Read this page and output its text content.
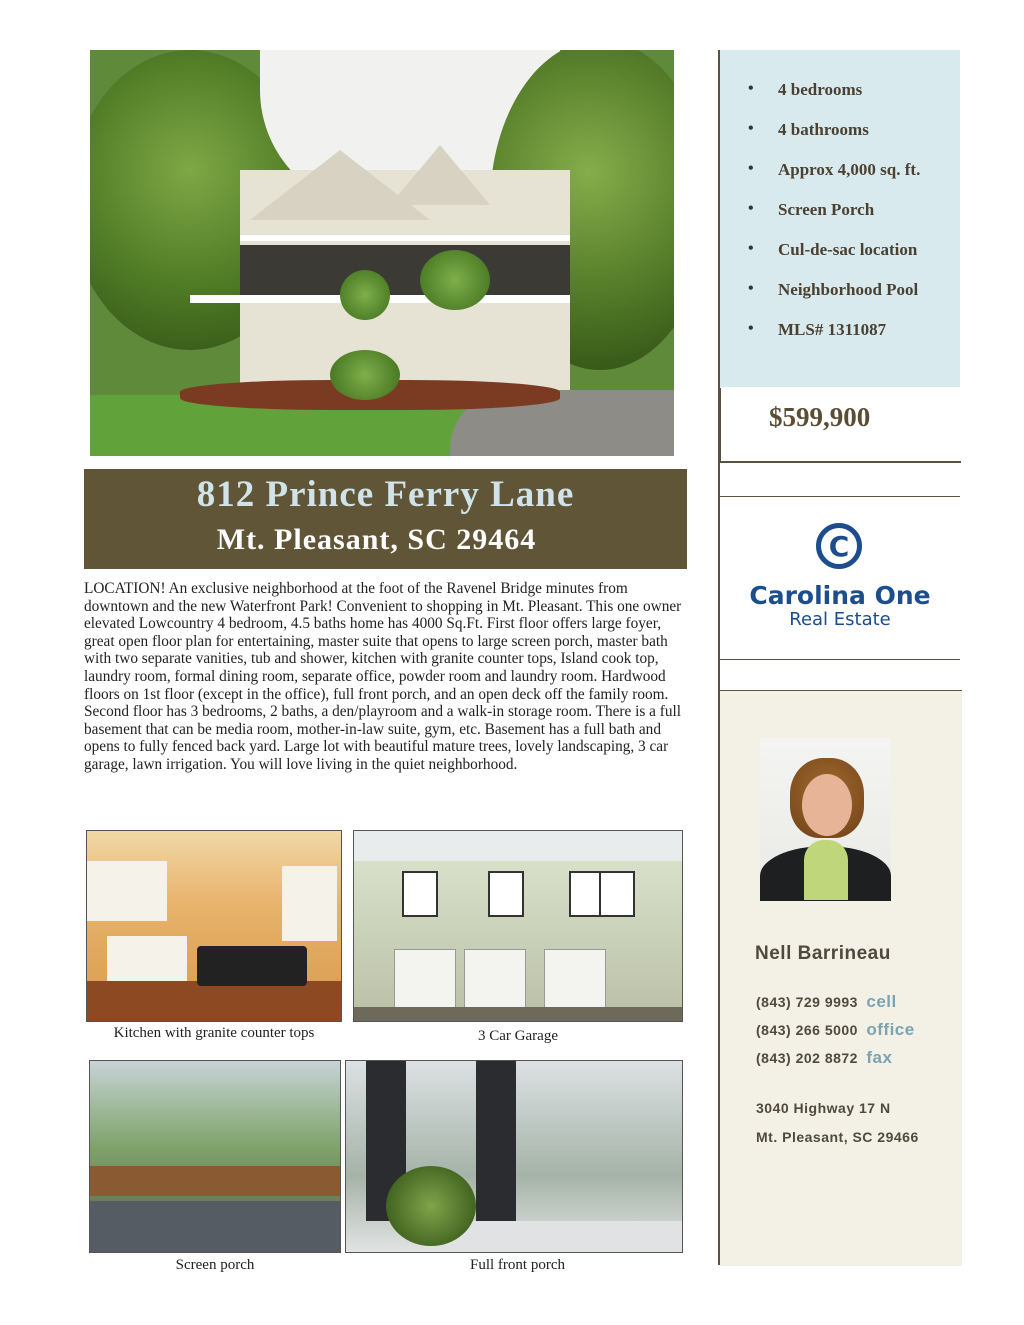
• 4 bedrooms
• 4 bathrooms
• Approx 4,000 sq. ft.
• Screen Porch
• Cul-de-sac location
• Neighborhood Pool
• MLS# 1311087
$599,900
812 Prince Ferry Lane
Mt. Pleasant, SC 29464
LOCATION! An exclusive neighborhood at the foot of the Ravenel Bridge minutes from downtown and the new Waterfront Park! Convenient to shopping in Mt. Pleasant. This one owner elevated Lowcountry 4 bedroom, 4.5 baths home has 4000 Sq.Ft. First floor offers large foyer, great open floor plan for entertaining, master suite that opens to large screen porch, master bath with two separate vanities, tub and shower, kitchen with granite counter tops, Island cook top, laundry room, formal dining room, separate office, powder room and laundry room. Hardwood floors on 1st floor (except in the office), full front porch, and an open deck off the family room. Second floor has 3 bedrooms, 2 baths, a den/playroom and a walk-in storage room. There is a full basement that can be media room, mother-in-law suite, gym, etc. Basement has a full bath and opens to fully fenced back yard. Large lot with beautiful mature trees, lovely landscaping, 3 car garage, lawn irrigation. You will love living in the quiet neighborhood.
C
Carolina One
Real Estate
Nell Barrineau
(843) 729 9993 cell
(843) 266 5000 office
(843) 202 8872 fax
3040 Highway 17 N
Mt. Pleasant, SC 29466
Kitchen with granite counter tops	3 Car Garage
Screen porch	Full front porch
